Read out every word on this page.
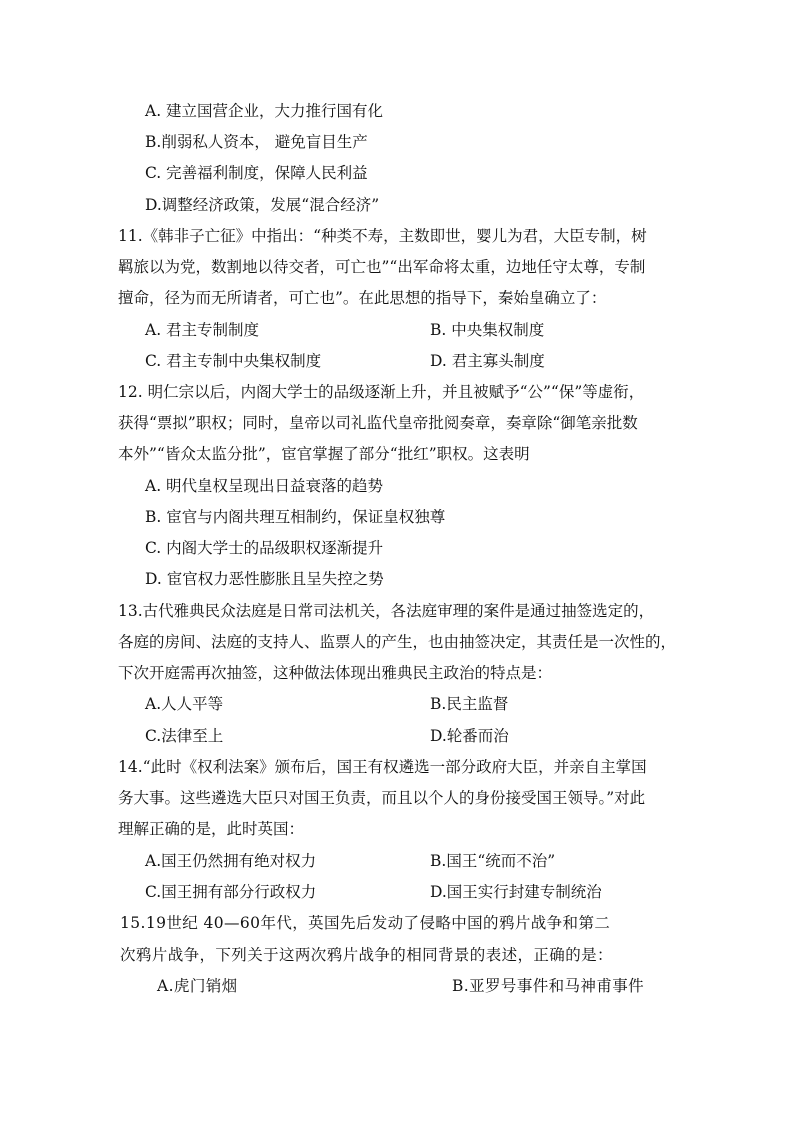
A. 建立国营企业，大力推行国有化
B.削弱私人资本， 避免盲目生产
C. 完善福利制度，保障人民利益
D.调整经济政策，发展“混合经济”
11.《韩非子亡征》中指出：“种类不寿，主数即世，婴儿为君，大臣专制，树
羁旅以为党，数割地以待交者，可亡也”“出军命将太重，边地任守太尊，专制
擅命，径为而无所请者，可亡也”。在此思想的指导下，秦始皇确立了：
A. 君主专制制度	B. 中央集权制度
C. 君主专制中央集权制度	D. 君主寡头制度
12. 明仁宗以后，内阁大学士的品级逐渐上升，并且被赋予“公”“保”等虚衔，
获得“票拟”职权；同时，皇帝以司礼监代皇帝批阅奏章，奏章除“御笔亲批数
本外”“皆众太监分批”，宦官掌握了部分“批红”职权。这表明
A. 明代皇权呈现出日益衰落的趋势
B. 宦官与内阁共理互相制约，保证皇权独尊
C. 内阁大学士的品级职权逐渐提升
D. 宦官权力恶性膨胀且呈失控之势
13.古代雅典民众法庭是日常司法机关，各法庭审理的案件是通过抽签选定的，
各庭的房间、法庭的支持人、监票人的产生，也由抽签决定，其责任是一次性的，
下次开庭需再次抽签，这种做法体现出雅典民主政治的特点是：
A.人人平等	B.民主监督
C.法律至上	D.轮番而治
14.“此时《权利法案》颁布后，国王有权遴选一部分政府大臣，并亲自主掌国
务大事。这些遴选大臣只对国王负责，而且以个人的身份接受国王领导。”对此
理解正确的是，此时英国：
A.国王仍然拥有绝对权力	B.国王“统而不治”
C.国王拥有部分行政权力	D.国王实行封建专制统治
15.19世纪 40—60年代，英国先后发动了侵略中国的鸦片战争和第二
次鸦片战争，下列关于这两次鸦片战争的相同背景的表述，正确的是：
A.虎门销烟	B.亚罗号事件和马神甫事件
